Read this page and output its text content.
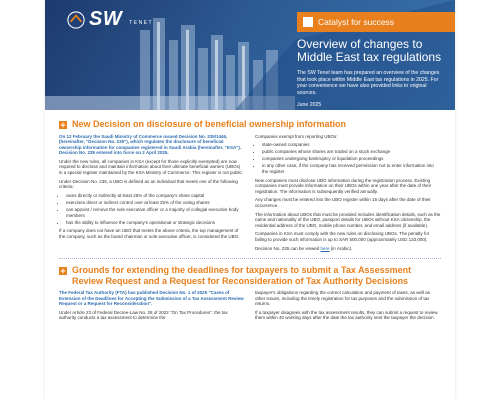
SW TENET	Catalyst for success
Overview of changes to Middle East tax regulations
The SW Tenet team has prepared an overview of the changes that took place within Middle East tax regulations in 2025. For your convenience we have also provided links to original sources.
June 2025
New Decision on disclosure of beneficial ownership information

On 12 February the Saudi Ministry of Commerce issued Decision No. 235/1446, (hereinafter, "Decision No. 235"), which regulates the disclosure of beneficial ownership information for companies registered in Saudi Arabia (hereinafter, "KSA"). Decision No. 235 entered into force on 2 April 2025.

Under the new rules, all companies in KSA (except for those explicitly exempted) are now required to disclose and maintain information about their ultimate beneficial owners (UBOs) in a special register maintained by the KSA Ministry of Commerce. This register is not public.

Under Decision No. 235, a UBO is defined as an individual that meets one of the following criteria:

• owns directly or indirectly at least 25% of the company's share capital
• exercises direct or indirect control over at least 25% of the voting shares
• can appoint / remove the sole executive officer or a majority of collegial executive body members
• has the ability to influence the company's operational or strategic decisions

If a company does not have an UBO that meets the above criteria, the top management of the company, such as the board chairman or sole executive officer, is considered the UBO.

Companies exempt from reporting UBOs:

• state-owned companies
• public companies whose shares are traded on a stock exchange
• companies undergoing bankruptcy or liquidation proceedings
• in any other case, if the company has received permission not to enter information into the register

New companies must disclose UBO information during the registration process. Existing companies must provide information on their UBOs within one year after the date of their registration. The information is subsequently verified annually.

Any changes must be entered into the UBO register within 15 days after the date of their occurrence.

The information about UBOs that must be provided includes identification details, such as the name and nationality of the UBO, passport details for UBOs without KSA citizenship, the residential address of the UBO, mobile phone number, and email address (if available).

Companies in KSA must comply with the new rules on disclosing UBOs. The penalty for failing to provide such information is up to SAR 500,000 (approximately USD 133,000).

Decision No. 235 can be viewed here (in Arabic).

Grounds for extending the deadlines for taxpayers to submit a Tax Assessment Review Request and a Request for Reconsideration of Tax Authority Decisions

The Federal Tax Authority (FTA) has published Decision No. 1 of 2025 "Cases of Extension of the Deadlines for Accepting the Submission of a Tax Assessment Review Request or a Request for Reconsideration".

Under Article 23 of Federal Decree-Law No. 28 of 2022 "On Tax Procedures", the tax authority conducts a tax assessment to determine the

taxpayer's obligations regarding the correct calculation and payment of taxes, as well as other issues, including the timely registration for tax purposes and the submission of tax returns.

If a taxpayer disagrees with the tax assessment results, they can submit a request to review them within 40 working days after the date the tax authority sent the taxpayer the decision.
